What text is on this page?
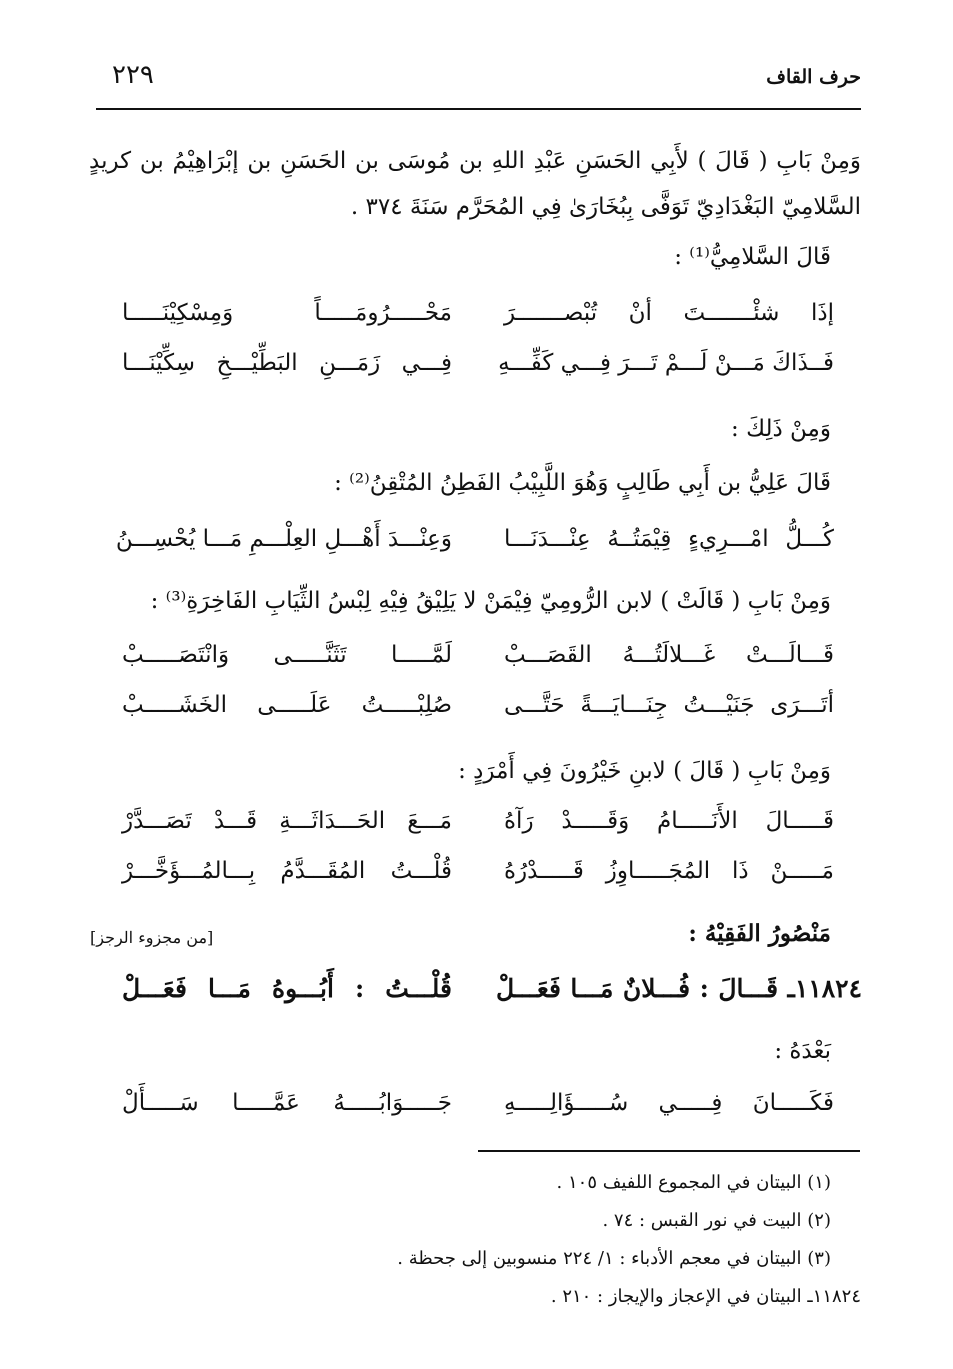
حرف القاف
٢٢٩
وَمِنْ بَابِ ( قَالَ ) لأَبِي الحَسَنِ عَبْدِ اللهِ بن مُوسَى بن الحَسَنِ بن إبْرَاهِيْمُ بن كريدٍ
السَّلامِيّ البَغْدَادِيّ تَوَفَّى بِبُخَارَىٰ فِي المُحَرَّم سَنَةَ ٣٧٤ .
قَالَ السَّلامِيُّ⁽¹⁾ :
إذَا شئْـــــــتَ أنْ تُبْصـــــــرَ
مَحْـــــرُومَـــــاً وَمِسْكِيْنَـــــا
فَــذَاكَ مَـــنْ لَـــمْ تَـــرَ فِـــي كَفِّـــهِ
فِـــي زَمَـــنِ البَطِّيْـــخِ سِكِّيْنَـــا
وَمِنْ ذَلِكَ :
قَالَ عَلِيُّ بن أَبِي طَالِبٍ وَهُوَ اللَّبِيْبُ الفَطِنُ المُتْقِنُ⁽²⁾ :
كُـــلُّ امْـــرِيءٍ قِيْمَتُــهُ عِنْـــدَنَـــا
وَعِنْـــدَ أَهْـــلِ العِلْـــمِ مَـــا يُحْسِـــنُ
وَمِنْ بَابِ ( قَالَتْ ) لابن الرُّومِيّ فِيْمَنْ لا يَلِيْقُ فِيْهِ لِبْسُ الثِّيَابِ الفَاخِرَةِ⁽³⁾ :
قَـــالَـــتْ غَـــلالَتُـــهُ القَصَـــبْ
لَمَّـــــا تَثَنَّـــــى وَانْتَصَـــــبْ
أتَـــرَى جَنَيْـــتُ جِنَـــايَـــةً حَتَّـــى
صُلِبْـــــتُ عَلَـــــى الخَشَـــــبْ
وَمِنْ بَابِ ( قَالَ ) لابنِ خَيْرُونَ فِي أَمْرَدٍ :
قَـــــالَ الأَنَـــــامُ وَقَـــــدْ رَآهُ
مَـــعَ الحَـــدَاثَـــةِ قَـــدْ تَصَـــدَّرْ
مَـــــنْ ذَا المُجَـــــاوِزُ قَـــــدْرُهُ
قُلْـــتُ المُقَـــدَّمُ بِـــالمُـــؤَخَّـــرْ
مَنْصُورُ الفَقِيْهُ :
[من مجزوء الرجز]
١١٨٢٤ـ قَـــالَ : فُـــلانٌ مَـــا فَعَـــلْ
قُلْـــتُ : أَبُـــوهُ مَـــا فَعَـــلْ
بَعْدَهُ :
فَكَـــــانَ فِـــــي سُـــــؤَالِـــــهِ
جَـــــوَابُـــــهُ عَمَّـــــا سَـــــأَلْ
(١) البيتان في المجموع اللفيف ١٠٥ .
(٢) البيت في نور القبس : ٧٤ .
(٣) البيتان في معجم الأدباء : ١/ ٢٢٤ منسوبين إلى جحظة .
١١٨٢٤ـ البيتان في الإعجاز والإيجاز : ٢١٠ .
